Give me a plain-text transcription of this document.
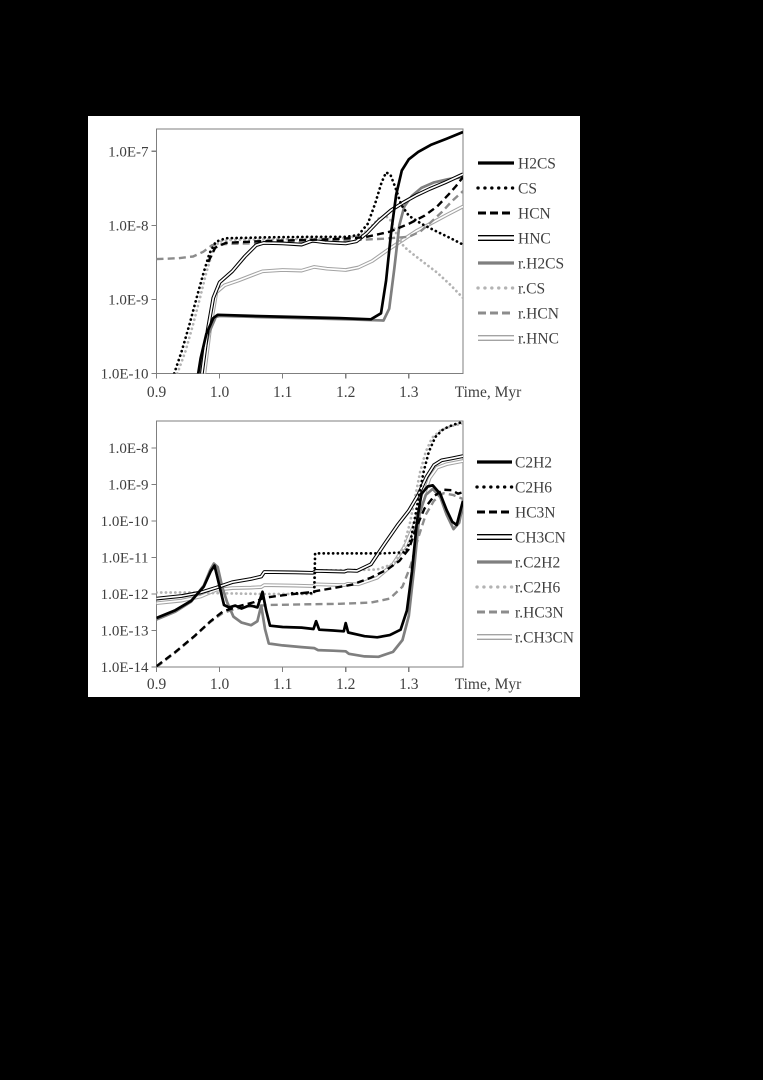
0.9	1.0	1.1	1.2	1.3 Time, Myr
1.0E-7
1.0E-8
1.0E-9
1.0E-10
H2CS
CS
HCN
HNC
r.H2CS
r.CS
r.HCN
r.HNC
0.9	1.0	1.1	1.2	1.3 Time, Myr
1.0E-8
1.0E-9
1.0E-10
1.0E-11
1.0E-12
1.0E-13
1.0E-14
C2H2
C2H6
HC3N
CH3CN
r.C2H2
r.C2H6
r.HC3N
r.CH3CN
